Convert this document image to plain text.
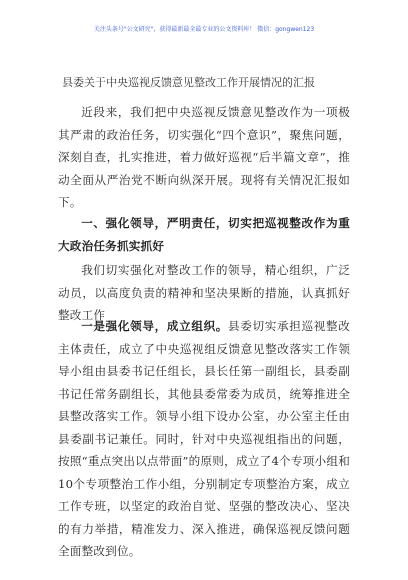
关注头条号"公文研究"，获得最新最全最专业的公文资料库！ 微信：gongwen123
县委关于中央巡视反馈意见整改工作开展情况的汇报

近段来，我们把中央巡视反馈意见整改作为一项极其严肃的政治任务，切实强化“四个意识”，聚焦问题，深刻自查，扎实推进，着力做好巡视“后半篇文章”，推动全面从严治党不断向纵深开展。现将有关情况汇报如下。

一、强化领导，严明责任，切实把巡视整改作为重大政治任务抓实抓好

我们切实强化对整改工作的领导，精心组织，广泛动员，以高度负责的精神和坚决果断的措施，认真抓好整改工作

一是强化领导，成立组织。县委切实承担巡视整改主体责任，成立了中央巡视组反馈意见整改落实工作领导小组由县委书记任组长，县长任第一副组长，县委副书记任常务副组长，其他县委常委为成员，统筹推进全县整改落实工作。领导小组下设办公室，办公室主任由县委副书记兼任。同时，针对中央巡视组指出的问题，按照“重点突出以点带面”的原则，成立了4个专项小组和10个专项整治工作小组，分别制定专项整治方案，成立工作专班，以坚定的政治自觉、坚强的整改决心、坚决的有力举措，精准发力、深入推进，确保巡视反馈问题全面整改到位。
